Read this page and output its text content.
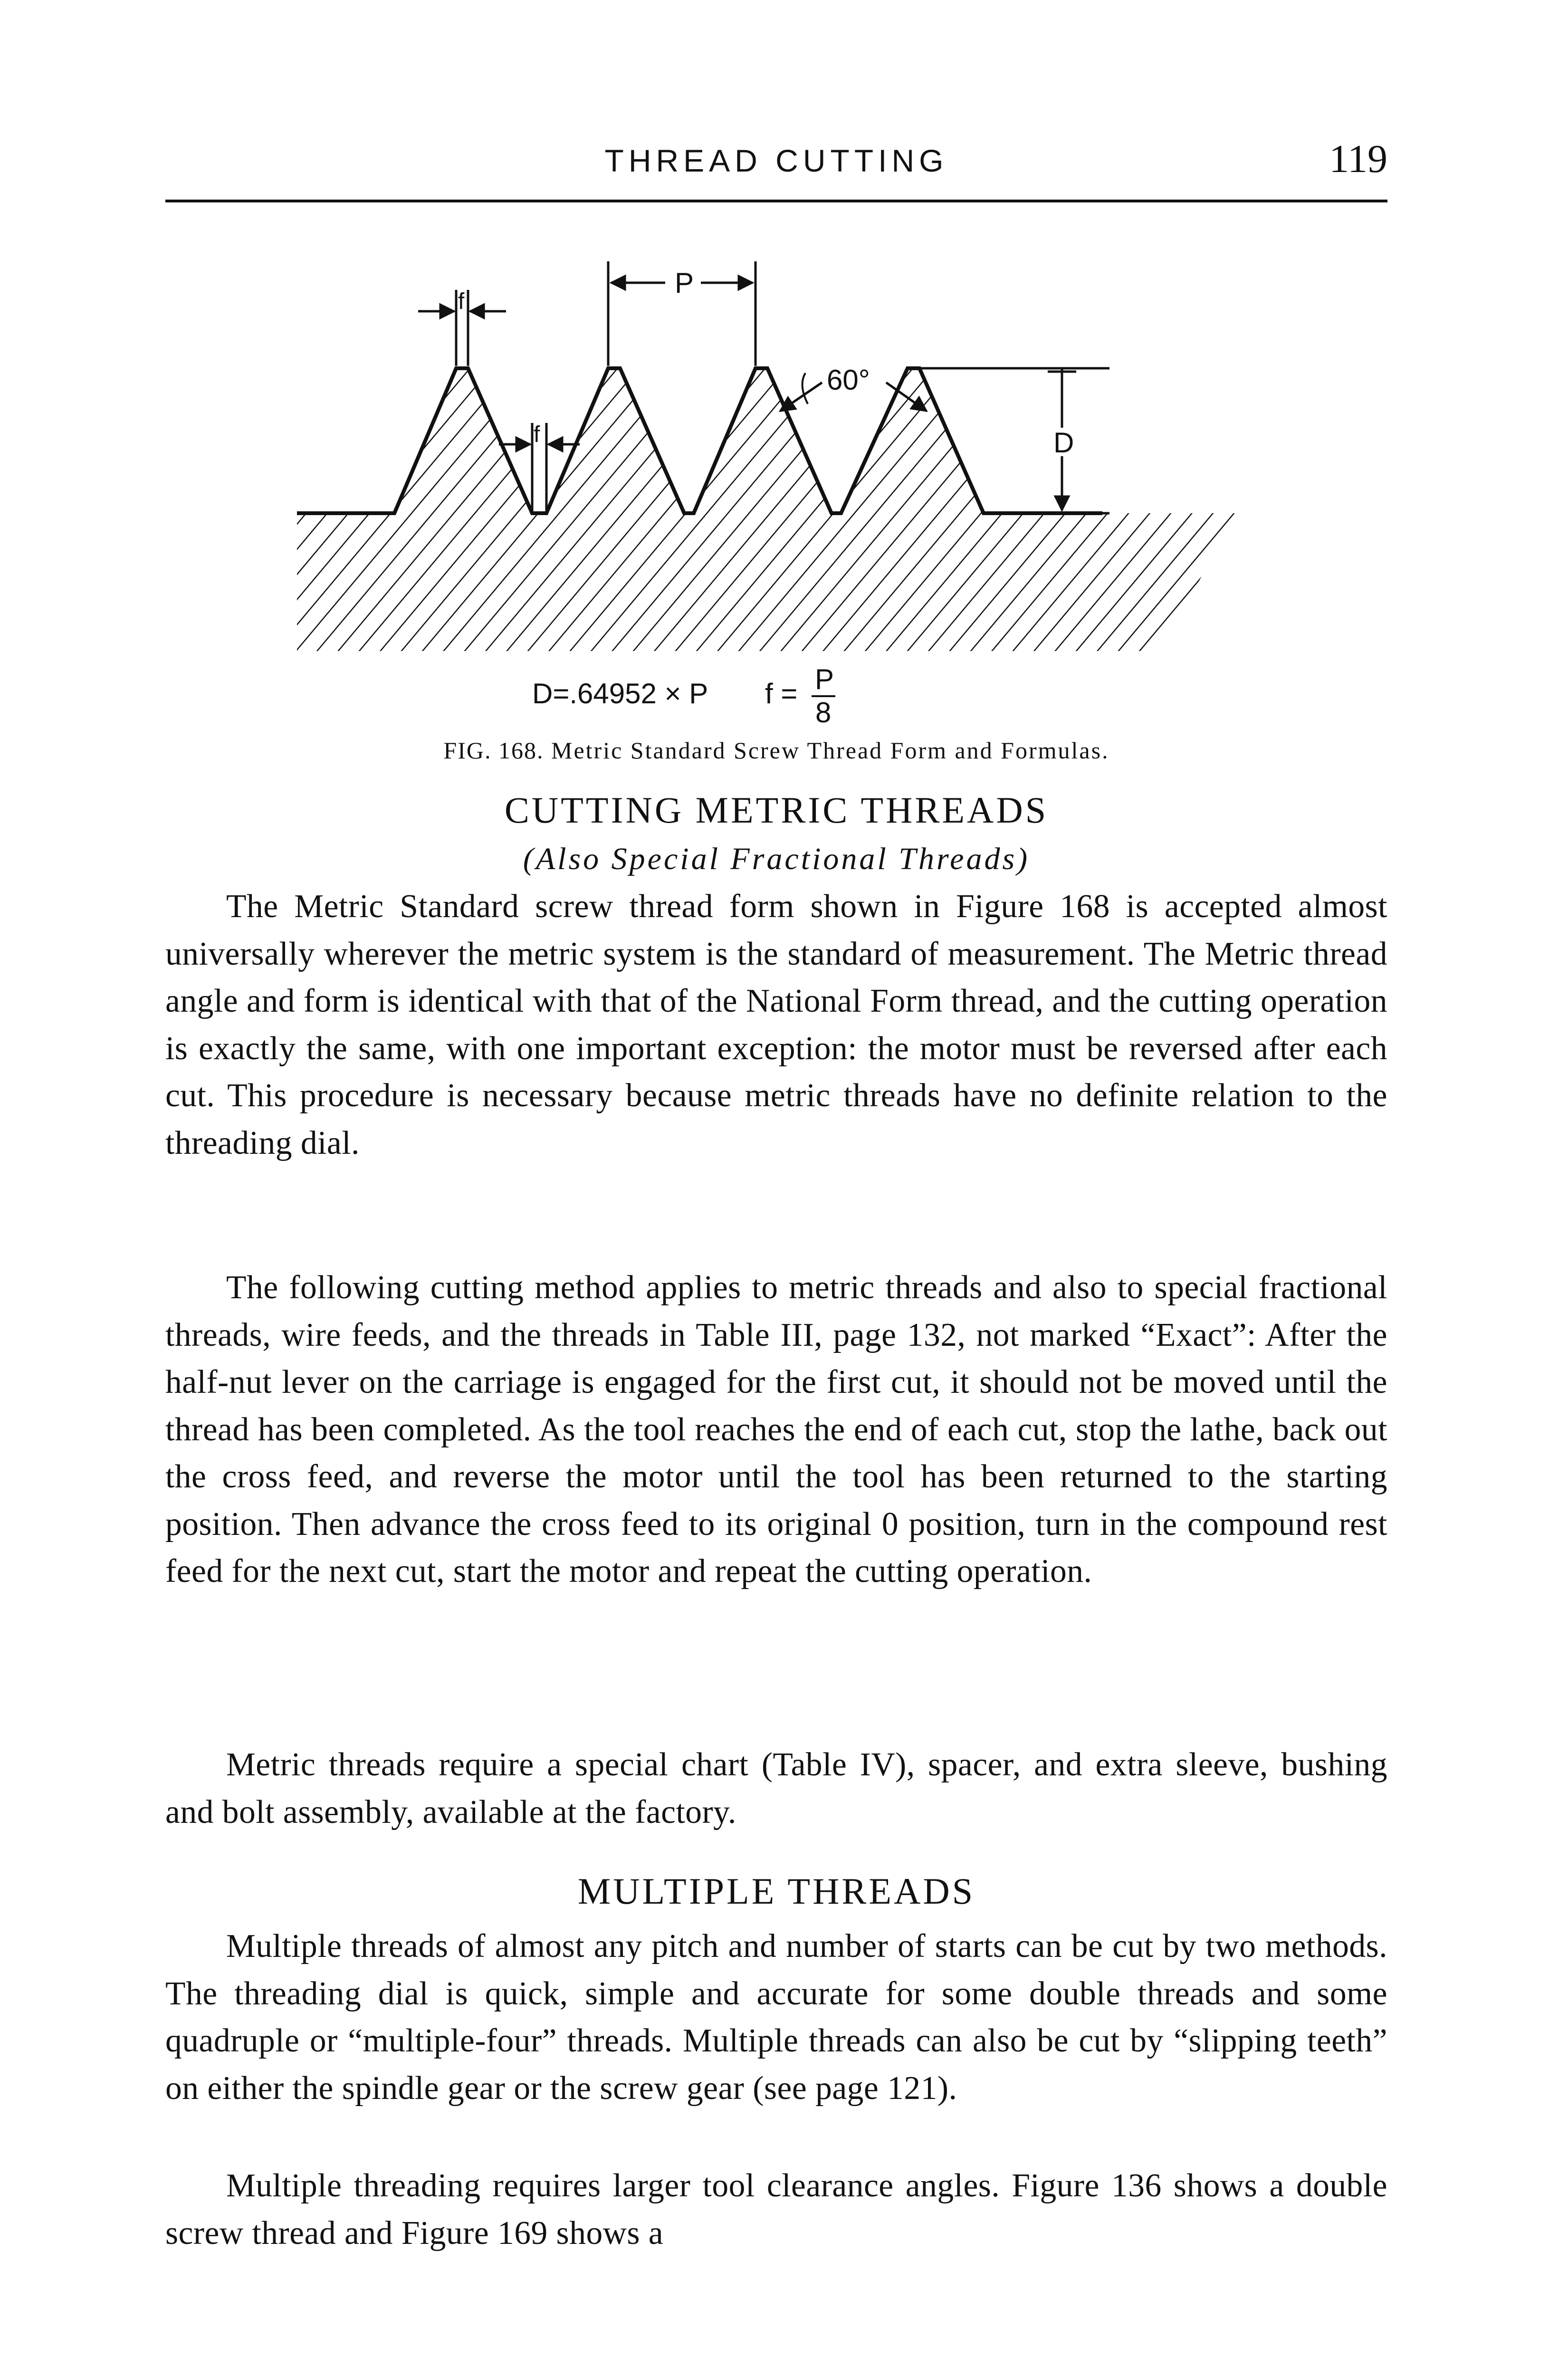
THREAD CUTTING	119
f
f
P
60°
D
D=.64952 × P f = P
8
FIG. 168. Metric Standard Screw Thread Form and Formulas.
CUTTING METRIC THREADS
(Also Special Fractional Threads)

The Metric Standard screw thread form shown in Figure 168 is accepted almost universally wherever the metric system is the standard of measurement. The Metric thread angle and form is identical with that of the National Form thread, and the cutting operation is exactly the same, with one important exception: the motor must be reversed after each cut. This procedure is necessary because metric threads have no definite relation to the threading dial.

The following cutting method applies to metric threads and also to special fractional threads, wire feeds, and the threads in Table III, page 132, not marked “Exact”: After the half-nut lever on the carriage is engaged for the first cut, it should not be moved until the thread has been completed. As the tool reaches the end of each cut, stop the lathe, back out the cross feed, and reverse the motor until the tool has been returned to the starting position. Then advance the cross feed to its original 0 position, turn in the compound rest feed for the next cut, start the motor and repeat the cutting operation.

Metric threads require a special chart (Table IV), spacer, and extra sleeve, bushing and bolt assembly, available at the factory.

MULTIPLE THREADS

Multiple threads of almost any pitch and number of starts can be cut by two methods. The threading dial is quick, simple and accurate for some double threads and some quadruple or “multiple-four” threads. Multiple threads can also be cut by “slipping teeth” on either the spindle gear or the screw gear (see page 121).

Multiple threading requires larger tool clearance angles. Figure 136 shows a double screw thread and Figure 169 shows a
